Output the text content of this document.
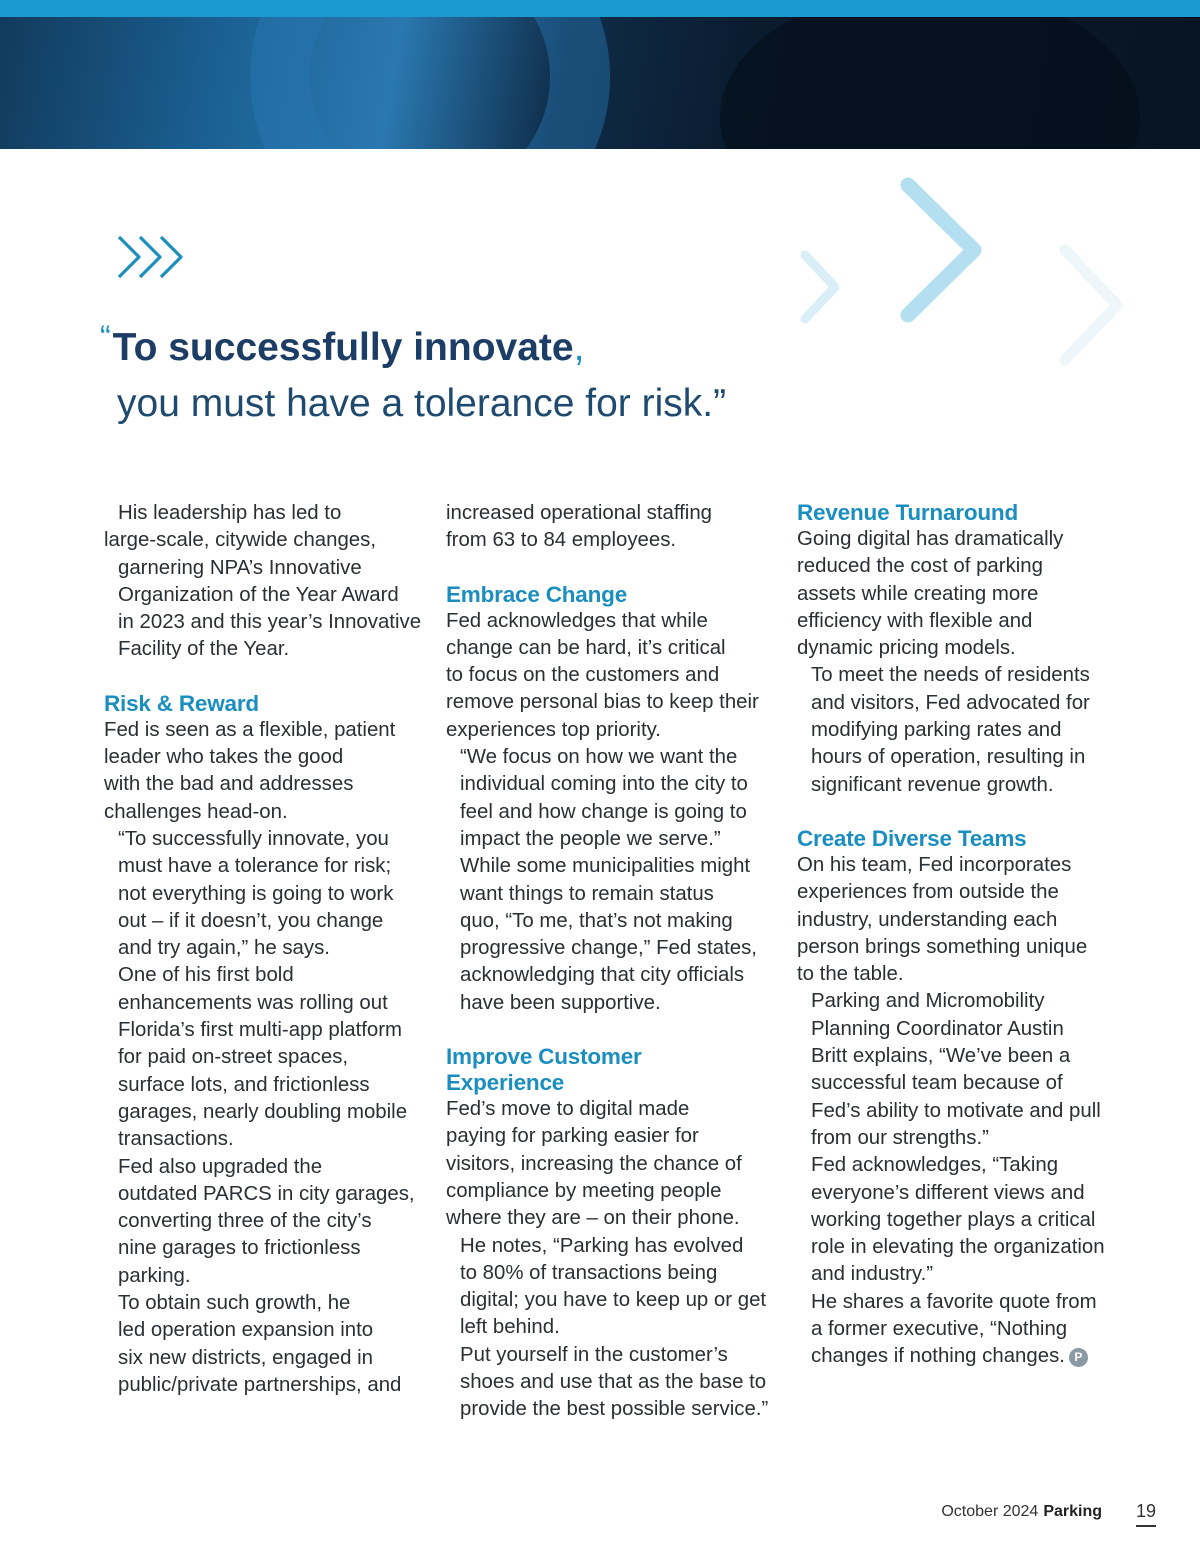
“To successfully innovate,
you must have a tolerance for risk.”

His leadership has led to
large-scale, citywide changes,
garnering NPA’s Innovative
Organization of the Year Award
in 2023 and this year’s Innovative
Facility of the Year.

Risk & Reward

Fed is seen as a flexible, patient
leader who takes the good
with the bad and addresses
challenges head-on.

“To successfully innovate, you
must have a tolerance for risk;
not everything is going to work
out – if it doesn’t, you change
and try again,” he says.

One of his first bold
enhancements was rolling out
Florida’s first multi-app platform
for paid on-street spaces,
surface lots, and frictionless
garages, nearly doubling mobile
transactions.

Fed also upgraded the
outdated PARCS in city garages,
converting three of the city’s
nine garages to frictionless
parking.

To obtain such growth, he
led operation expansion into
six new districts, engaged in
public/private partnerships, and

increased operational staffing
from 63 to 84 employees.

Embrace Change

Fed acknowledges that while
change can be hard, it’s critical
to focus on the customers and
remove personal bias to keep their
experiences top priority.

“We focus on how we want the
individual coming into the city to
feel and how change is going to
impact the people we serve.”

While some municipalities might
want things to remain status
quo, “To me, that’s not making
progressive change,” Fed states,
acknowledging that city officials
have been supportive.

Improve Customer
Experience

Fed’s move to digital made
paying for parking easier for
visitors, increasing the chance of
compliance by meeting people
where they are – on their phone.

He notes, “Parking has evolved
to 80% of transactions being
digital; you have to keep up or get
left behind.

Put yourself in the customer’s
shoes and use that as the base to
provide the best possible service.”

Revenue Turnaround

Going digital has dramatically
reduced the cost of parking
assets while creating more
efficiency with flexible and
dynamic pricing models.

To meet the needs of residents
and visitors, Fed advocated for
modifying parking rates and
hours of operation, resulting in
significant revenue growth.

Create Diverse Teams

On his team, Fed incorporates
experiences from outside the
industry, understanding each
person brings something unique
to the table.

Parking and Micromobility
Planning Coordinator Austin
Britt explains, “We’ve been a
successful team because of
Fed’s ability to motivate and pull
from our strengths.”

Fed acknowledges, “Taking
everyone’s different views and
working together plays a critical
role in elevating the organization
and industry.”

He shares a favorite quote from
a former executive, “Nothing
changes if nothing changes. P

October 2024 Parking 19
